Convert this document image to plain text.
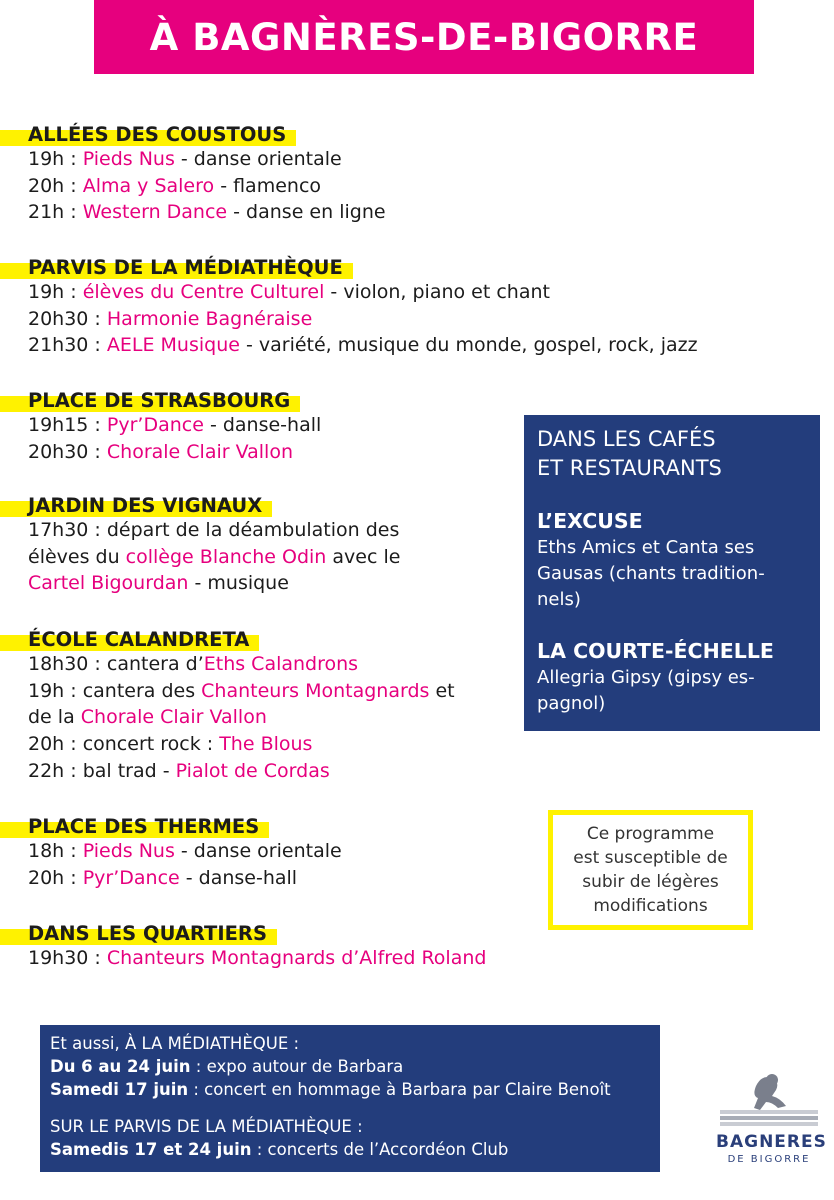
À BAGNÈRES-DE-BIGORRE
ALLÉES DES COUSTOUS
19h : Pieds Nus - danse orientale
20h : Alma y Salero - flamenco
21h : Western Dance - danse en ligne
PARVIS DE LA MÉDIATHÈQUE
19h : élèves du Centre Culturel - violon, piano et chant
20h30 : Harmonie Bagnéraise
21h30 : AELE Musique - variété, musique du monde, gospel, rock, jazz
PLACE DE STRASBOURG
19h15 : Pyr’Dance - danse-hall
20h30 : Chorale Clair Vallon
JARDIN DES VIGNAUX
17h30 : départ de la déambulation des
élèves du collège Blanche Odin avec le
Cartel Bigourdan - musique
ÉCOLE CALANDRETA
18h30 : cantera d’Eths Calandrons
19h : cantera des Chanteurs Montagnards et
de la Chorale Clair Vallon
20h : concert rock : The Blous
22h : bal trad - Pialot de Cordas
PLACE DES THERMES
18h : Pieds Nus - danse orientale
20h : Pyr’Dance - danse-hall
DANS LES QUARTIERS
19h30 : Chanteurs Montagnards d’Alfred Roland
DANS LES CAFÉS
ET RESTAURANTS
L’EXCUSE
Eths Amics et Canta ses
Gausas (chants tradition-
nels)
LA COURTE-ÉCHELLE
Allegria Gipsy (gipsy es-
pagnol)
Ce programme
est susceptible de
subir de légères
modifications
Et aussi, À LA MÉDIATHÈQUE :
Du 6 au 24 juin : expo autour de Barbara
Samedi 17 juin : concert en hommage à Barbara par Claire Benoît
SUR LE PARVIS DE LA MÉDIATHÈQUE :
Samedis 17 et 24 juin : concerts de l’Accordéon Club	BAGNERES
DE BIGORRE
